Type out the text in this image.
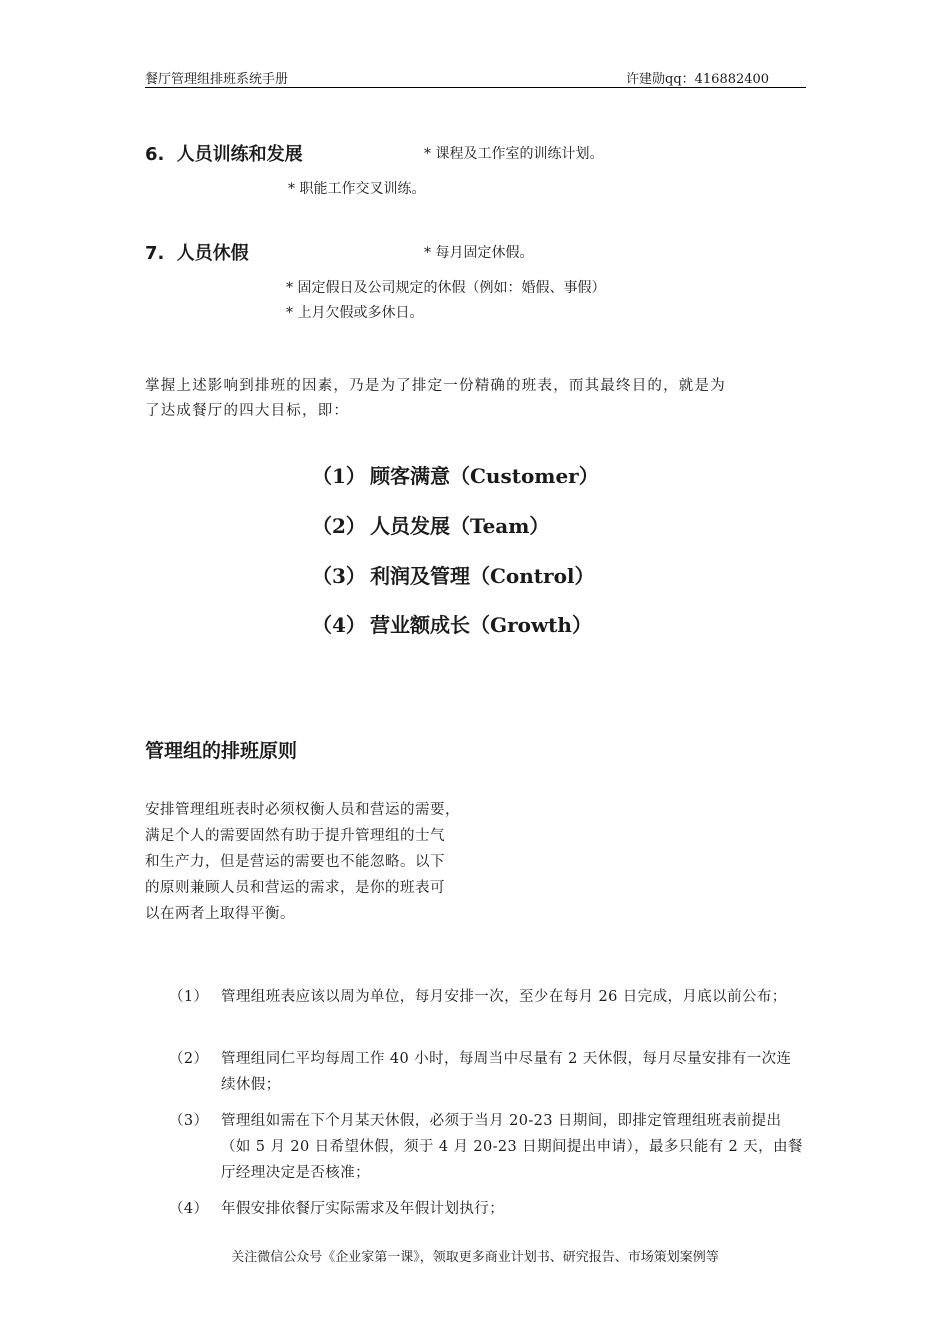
餐厅管理组排班系统手册	许建勋qq：416882400
6. 人员训练和发展	* 课程及工作室的训练计划。
* 职能工作交叉训练。
7. 人员休假	* 每月固定休假。
* 固定假日及公司规定的休假（例如：婚假、事假）
* 上月欠假或多休日。
掌握上述影响到排班的因素，乃是为了排定一份精确的班表，而其最终目的，就是为
了达成餐厅的四大目标，即：
（1） 顾客满意（Customer）
（2） 人员发展（Team）
（3） 利润及管理（Control）
（4） 营业额成长（Growth）
管理组的排班原则
安排管理组班表时必须权衡人员和营运的需要，
满足个人的需要固然有助于提升管理组的士气
和生产力，但是营运的需要也不能忽略。以下
的原则兼顾人员和营运的需求，是你的班表可
以在两者上取得平衡。
（1） 管理组班表应该以周为单位，每月安排一次，至少在每月 26 日完成，月底以前公布；
（2） 管理组同仁平均每周工作 40 小时，每周当中尽量有 2 天休假，每月尽量安排有一次连续休假；
（3） 管理组如需在下个月某天休假，必须于当月 20-23 日期间，即排定管理组班表前提出（如 5 月 20 日希望休假，须于 4 月 20-23 日期间提出申请），最多只能有 2 天，由餐厅经理决定是否核准；
（4） 年假安排依餐厅实际需求及年假计划执行；
关注微信公众号《企业家第一课》，领取更多商业计划书、研究报告、市场策划案例等
